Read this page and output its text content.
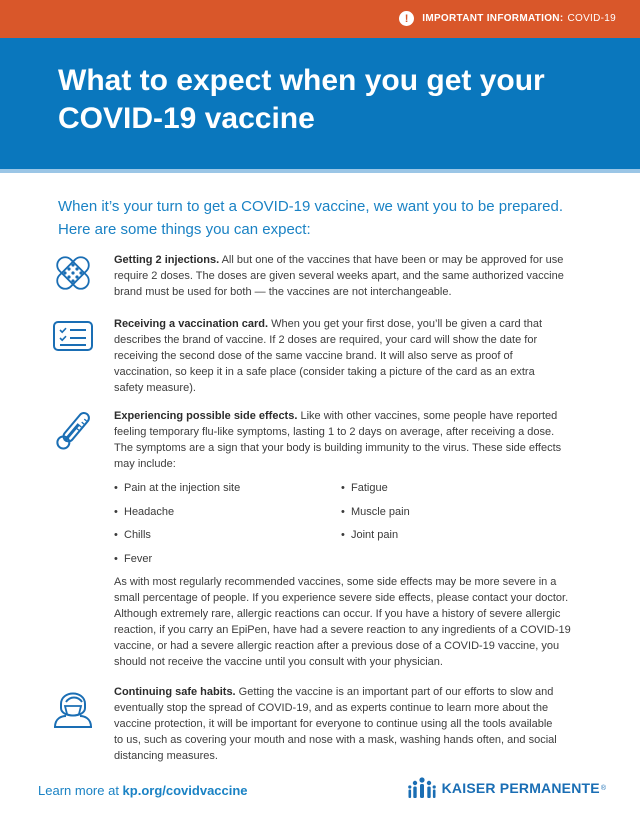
!	IMPORTANT INFORMATION: COVID-19
What to expect when you get your
COVID-19 vaccine
When it’s your turn to get a COVID-19 vaccine, we want you to be prepared.
Here are some things you can expect:
Getting 2 injections. All but one of the vaccines that have been or may be approved for use
require 2 doses. The doses are given several weeks apart, and the same authorized vaccine
brand must be used for both — the vaccines are not interchangeable.
Receiving a vaccination card. When you get your first dose, you’ll be given a card that
describes the brand of vaccine. If 2 doses are required, your card will show the date for
receiving the second dose of the same vaccine brand. It will also serve as proof of
vaccination, so keep it in a safe place (consider taking a picture of the card as an extra
safety measure).
Experiencing possible side effects. Like with other vaccines, some people have reported
feeling temporary flu-like symptoms, lasting 1 to 2 days on average, after receiving a dose.
The symptoms are a sign that your body is building immunity to the virus. These side effects
may include:
• Pain at the injection site
• Headache
• Chills
• Fever
• Fatigue
• Muscle pain
• Joint pain
As with most regularly recommended vaccines, some side effects may be more severe in a
small percentage of people. If you experience severe side effects, please contact your doctor.
Although extremely rare, allergic reactions can occur. If you have a history of severe allergic
reaction, if you carry an EpiPen, have had a severe reaction to any ingredients of a COVID-19
vaccine, or had a severe allergic reaction after a previous dose of a COVID-19 vaccine, you
should not receive the vaccine until you consult with your physician.
Continuing safe habits. Getting the vaccine is an important part of our efforts to slow and
eventually stop the spread of COVID-19, and as experts continue to learn more about the
vaccine protection, it will be important for everyone to continue using all the tools available
to us, such as covering your mouth and nose with a mask, washing hands often, and social
distancing measures.
Learn more at kp.org/covidvaccine	KAISER PERMANENTE ®
